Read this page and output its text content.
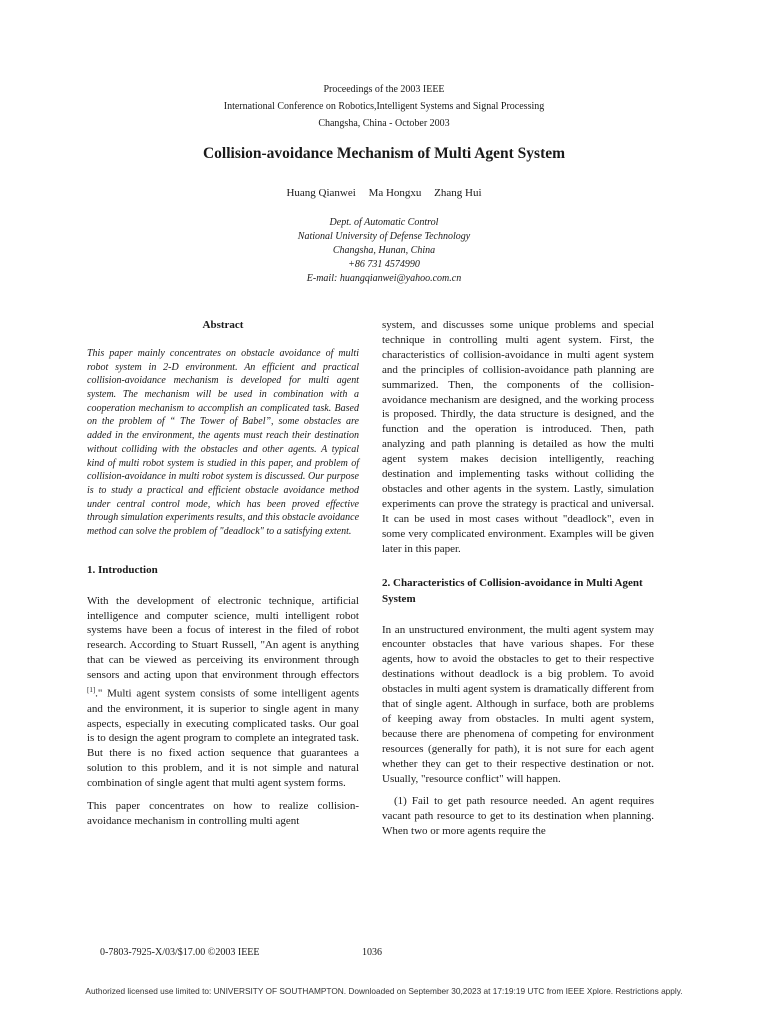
Proceedings of the 2003 IEEE
International Conference on Robotics,Intelligent Systems and Signal Processing
Changsha, China - October 2003
Collision-avoidance Mechanism of Multi Agent System
Huang Qianwei Ma Hongxu Zhang Hui
Dept. of Automatic Control
National University of Defense Technology
Changsha, Hunan, China
+86 731 4574990
E-mail: huangqianwei@yahoo.com.cn
Abstract

This paper mainly concentrates on obstacle avoidance of multi robot system in 2-D environment. An efficient and practical collision-avoidance mechanism is developed for multi agent system. The mechanism will be used in combination with a cooperation mechanism to accomplish an complicated task. Based on the problem of “ The Tower of Babel”, some obstacles are added in the environment, the agents must reach their destination without colliding with the obstacles and other agents. A typical kind of multi robot system is studied in this paper, and problem of collision-avoidance in multi robot system is discussed. Our purpose is to study a practical and efficient obstacle avoidance method under central control mode, which has been proved effective through simulation experiments results, and this obstacle avoidance method can solve the problem of "deadlock" to a satisfying extent.

1. Introduction

With the development of electronic technique, artificial intelligence and computer science, multi intelligent robot systems have been a focus of interest in the filed of robot research. According to Stuart Russell, "An agent is anything that can be viewed as perceiving its environment through sensors and acting upon that environment through effectors [1]." Multi agent system consists of some intelligent agents and the environment, it is superior to single agent in many aspects, especially in executing complicated tasks. Our goal is to design the agent program to complete an integrated task. But there is no fixed action sequence that guarantees a solution to this problem, and it is not simple and natural combination of single agent that multi agent system forms.

This paper concentrates on how to realize collision-avoidance mechanism in controlling multi agent

system, and discusses some unique problems and special technique in controlling multi agent system. First, the characteristics of collision-avoidance in multi agent system and the principles of collision-avoidance path planning are summarized. Then, the components of the collision-avoidance mechanism are designed, and the working process is proposed. Thirdly, the data structure is designed, and the function and the operation is introduced. Then, path analyzing and path planning is detailed as how the multi agent system makes decision intelligently, reaching destination and implementing tasks without colliding the obstacles and other agents in the system. Lastly, simulation experiments can prove the strategy is practical and universal. It can be used in most cases without "deadlock", even in some very complicated environment. Examples will be given later in this paper.

2. Characteristics of Collision-avoidance in Multi Agent System

In an unstructured environment, the multi agent system may encounter obstacles that have various shapes. For these agents, how to avoid the obstacles to get to their respective destinations without deadlock is a big problem. To avoid obstacles in multi agent system is dramatically different from that of single agent. Although in surface, both are problems of keeping away from obstacles. In multi agent system, because there are phenomena of competing for environment resources (generally for path), it is not sure for each agent whether they can get to their respective destination or not. Usually, "resource conflict" will happen.

(1) Fail to get path resource needed. An agent requires vacant path resource to get to its destination when planning. When two or more agents require the

0-7803-7925-X/03/$17.00 ©2003 IEEE	1036
Authorized licensed use limited to: UNIVERSITY OF SOUTHAMPTON. Downloaded on September 30,2023 at 17:19:19 UTC from IEEE Xplore. Restrictions apply.
